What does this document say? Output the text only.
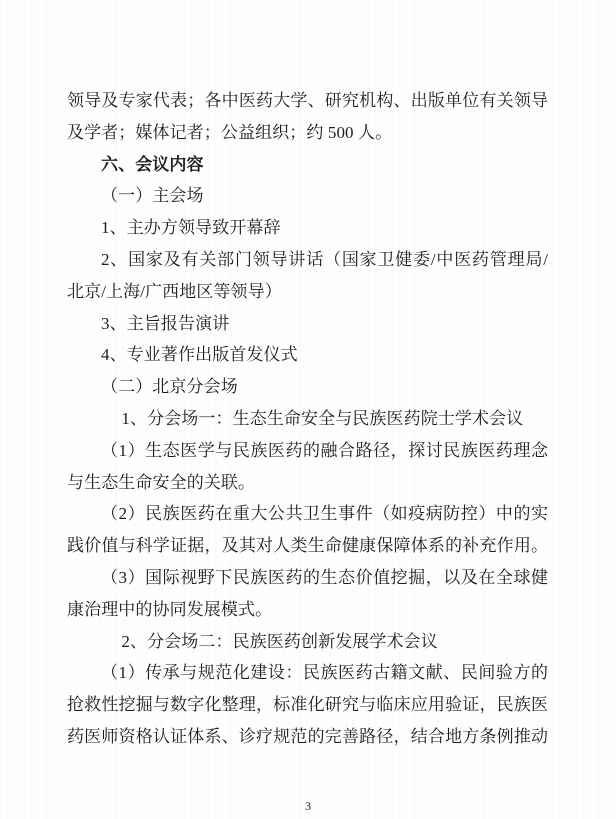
领导及专家代表；各中医药大学、研究机构、出版单位有关领导
及学者；媒体记者；公益组织；约 500 人。
六、会议内容
（一）主会场
1、主办方领导致开幕辞
2、国家及有关部门领导讲话（国家卫健委/中医药管理局/
北京/上海/广西地区等领导）
3、主旨报告演讲
4、专业著作出版首发仪式
（二）北京分会场
1、分会场一：生态生命安全与民族医药院士学术会议
（1）生态医学与民族医药的融合路径，探讨民族医药理念
与生态生命安全的关联。
（2）民族医药在重大公共卫生事件（如疫病防控）中的实
践价值与科学证据，及其对人类生命健康保障体系的补充作用。
（3）国际视野下民族医药的生态价值挖掘，以及在全球健
康治理中的协同发展模式。
2、分会场二：民族医药创新发展学术会议
（1）传承与规范化建设：民族医药古籍文献、民间验方的
抢救性挖掘与数字化整理，标准化研究与临床应用验证，民族医
药医师资格认证体系、诊疗规范的完善路径，结合地方条例推动
3
